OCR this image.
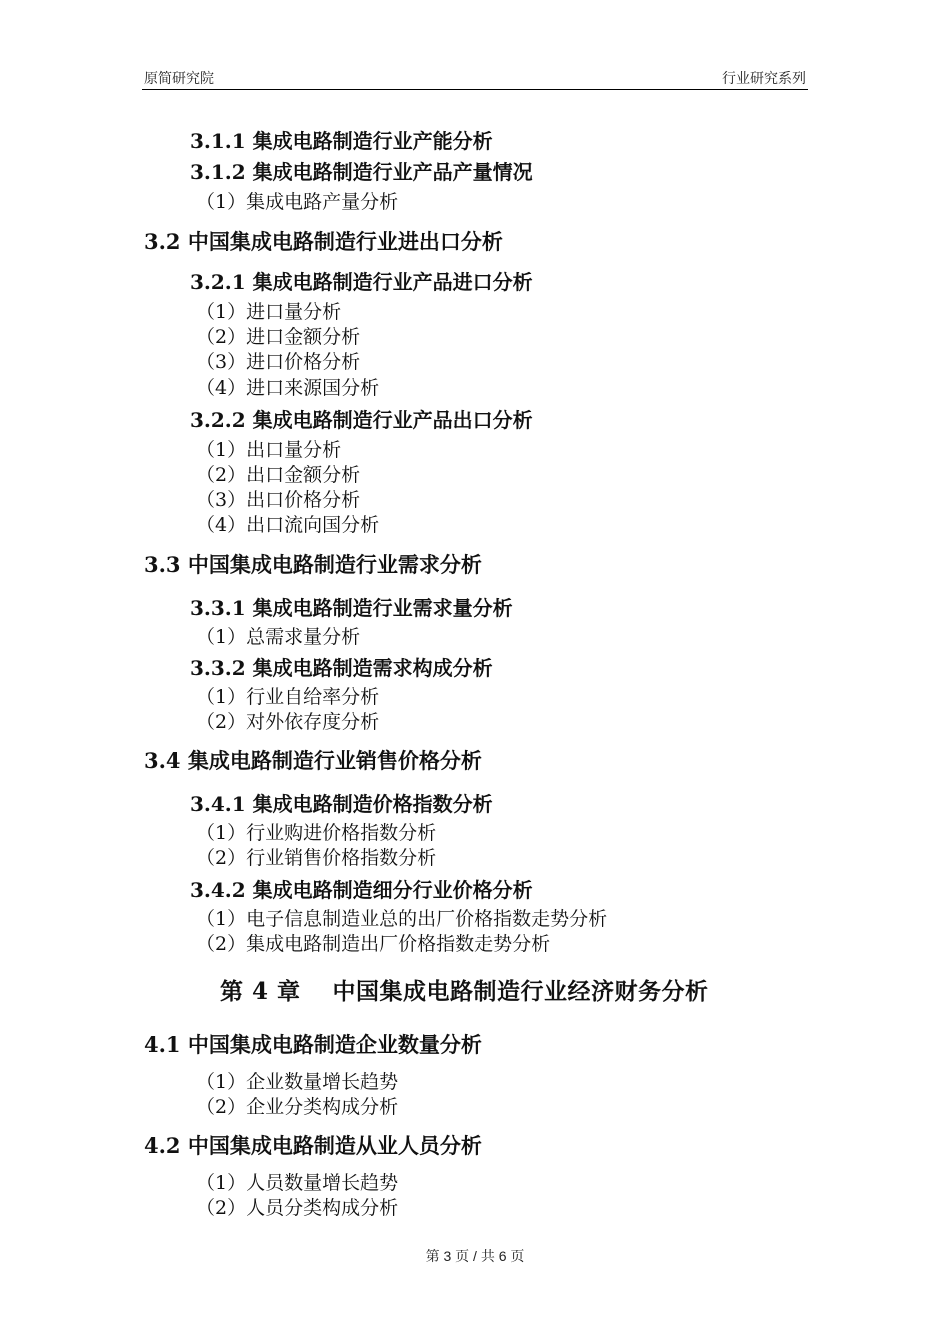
原简研究院	行业研究系列
3.1.1 集成电路制造行业产能分析
3.1.2 集成电路制造行业产品产量情况
（1）集成电路产量分析
3.2 中国集成电路制造行业进出口分析
3.2.1 集成电路制造行业产品进口分析
（1）进口量分析
（2）进口金额分析
（3）进口价格分析
（4）进口来源国分析
3.2.2 集成电路制造行业产品出口分析
（1）出口量分析
（2）出口金额分析
（3）出口价格分析
（4）出口流向国分析
3.3 中国集成电路制造行业需求分析
3.3.1 集成电路制造行业需求量分析
（1）总需求量分析
3.3.2 集成电路制造需求构成分析
（1）行业自给率分析
（2）对外依存度分析
3.4 集成电路制造行业销售价格分析
3.4.1 集成电路制造价格指数分析
（1）行业购进价格指数分析
（2）行业销售价格指数分析
3.4.2 集成电路制造细分行业价格分析
（1）电子信息制造业总的出厂价格指数走势分析
（2）集成电路制造出厂价格指数走势分析
第 4 章　 中国集成电路制造行业经济财务分析
4.1 中国集成电路制造企业数量分析
（1）企业数量增长趋势
（2）企业分类构成分析
4.2 中国集成电路制造从业人员分析
（1）人员数量增长趋势
（2）人员分类构成分析
第 3 页 / 共 6 页
